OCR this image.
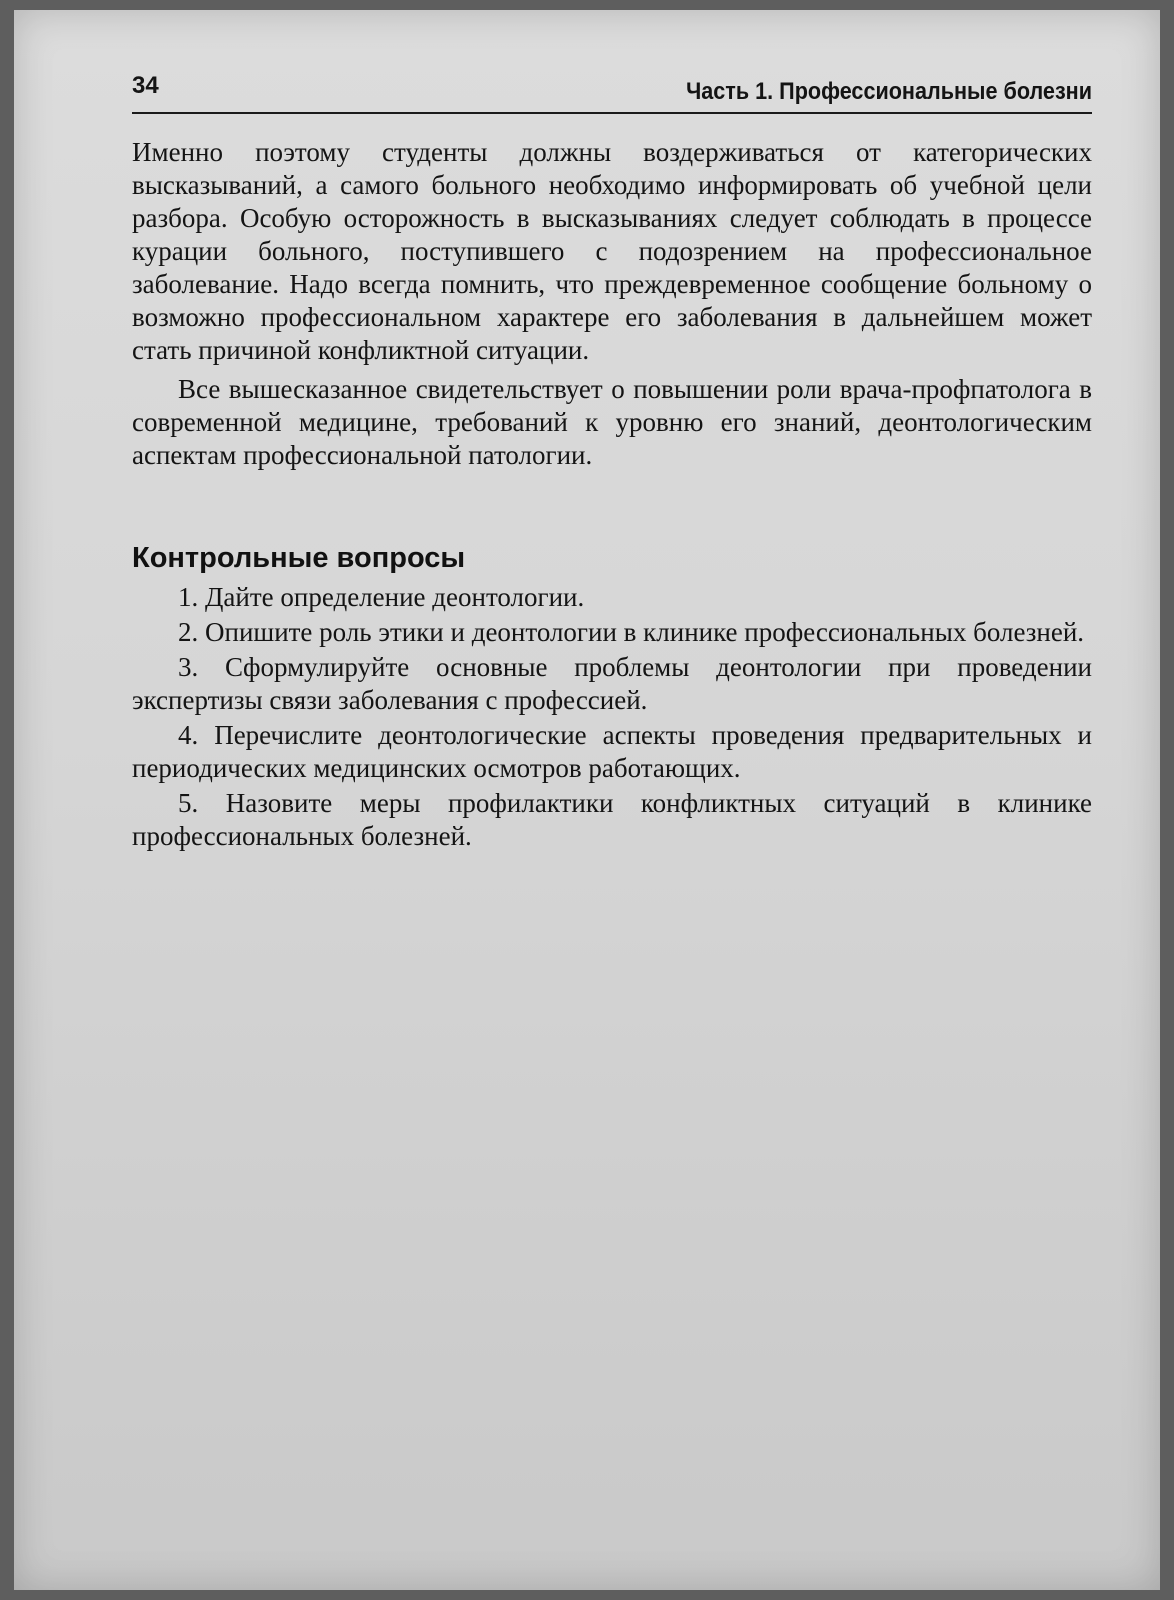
34	Часть 1. Профессиональные болезни

Именно поэтому студенты должны воздерживаться от категорических высказываний, а самого больного необходимо информировать об учебной цели разбора. Особую осторожность в высказываниях следует соблюдать в процессе курации больного, поступившего с подозрением на профессиональное заболевание. Надо всегда помнить, что преждевременное сообщение больному о возможно профессиональном характере его заболевания в дальнейшем может стать причиной конфликтной ситуации.

Все вышесказанное свидетельствует о повышении роли врача-профпатолога в современной медицине, требований к уровню его знаний, деонтологическим аспектам профессиональной патологии.

Контрольные вопросы

1. Дайте определение деонтологии.

2. Опишите роль этики и деонтологии в клинике профессиональных болезней.

3. Сформулируйте основные проблемы деонтологии при проведении экспертизы связи заболевания с профессией.

4. Перечислите деонтологические аспекты проведения предварительных и периодических медицинских осмотров работающих.

5. Назовите меры профилактики конфликтных ситуаций в клинике профессиональных болезней.
